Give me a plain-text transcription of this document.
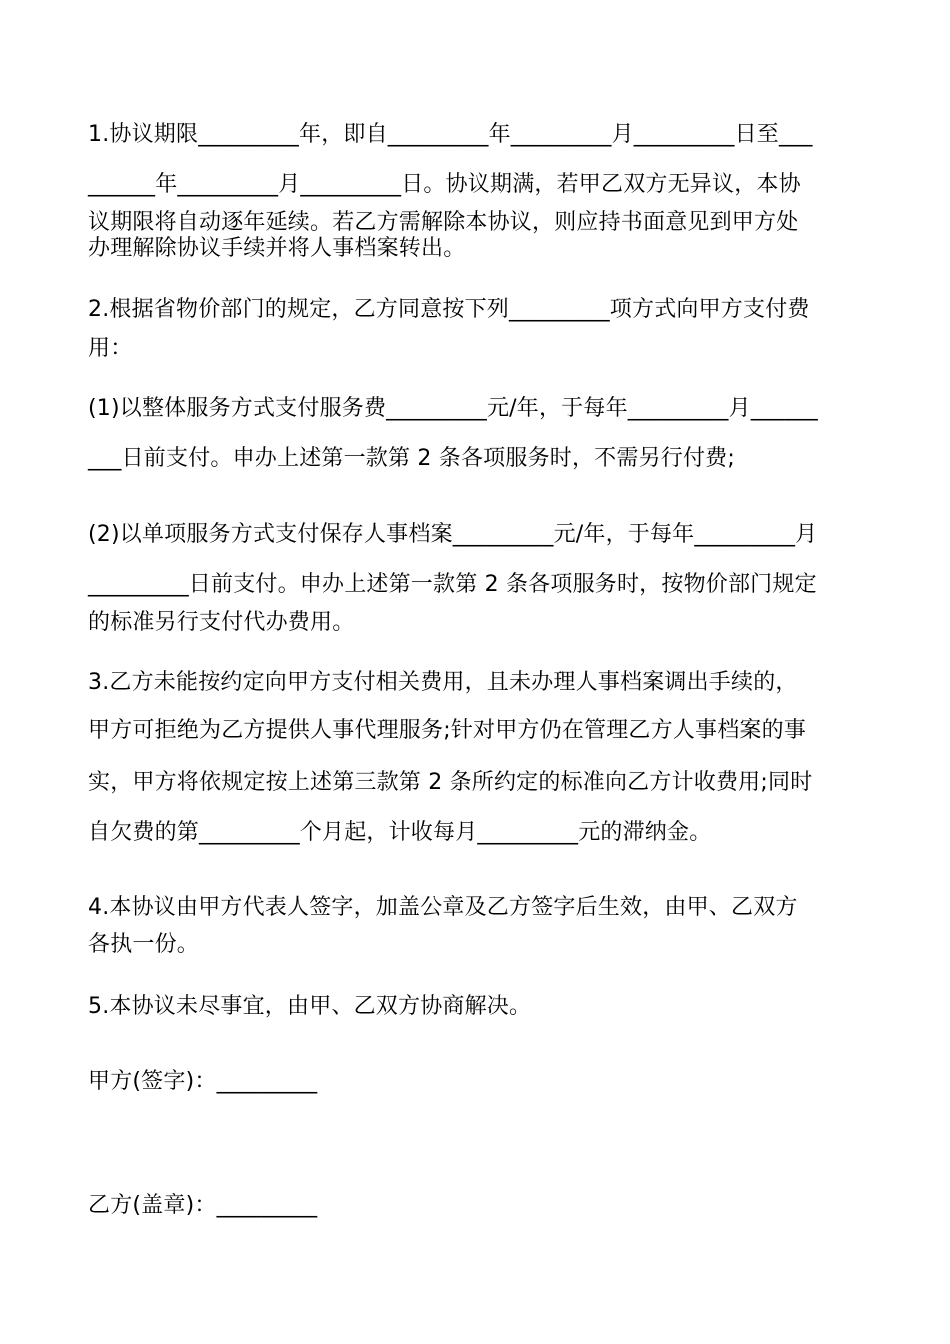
1.协议期限_________年，即自_________年_________月_________日至___
______年_________月_________日。协议期满，若甲乙双方无异议，本协
议期限将自动逐年延续。若乙方需解除本协议，则应持书面意见到甲方处
办理解除协议手续并将人事档案转出。
2.根据省物价部门的规定，乙方同意按下列_________项方式向甲方支付费
用：
(1)以整体服务方式支付服务费_________元/年，于每年_________月______
___日前支付。申办上述第一款第 2 条各项服务时，不需另行付费;
(2)以单项服务方式支付保存人事档案_________元/年，于每年_________月
_________日前支付。申办上述第一款第 2 条各项服务时，按物价部门规定
的标准另行支付代办费用。
3.乙方未能按约定向甲方支付相关费用，且未办理人事档案调出手续的，
甲方可拒绝为乙方提供人事代理服务;针对甲方仍在管理乙方人事档案的事
实，甲方将依规定按上述第三款第 2 条所约定的标准向乙方计收费用;同时
自欠费的第_________个月起，计收每月_________元的滞纳金。
4.本协议由甲方代表人签字，加盖公章及乙方签字后生效，由甲、乙双方
各执一份。
5.本协议未尽事宜，由甲、乙双方协商解决。
甲方(签字)：_________
乙方(盖章)：_________
